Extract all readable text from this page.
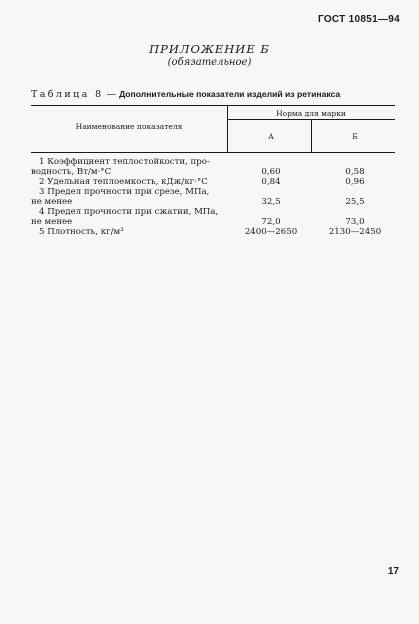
ГОСТ 10851—94
ПРИЛОЖЕНИЕ Б
(обязательное)
Таблица 8 — Дополнительные показатели изделий из ретинакса
Наименование показателя
Норма для марки
А	Б
1 Коэффициент теплостойкости, про-
водность, Вт/м·°С	0,60	0,58
2 Удельная теплоемкость, кДж/кг·°С	0,84	0,96
3 Предел прочности при срезе, МПа,
не менее	32,5	25,5
4 Предел прочности при сжатии, МПа,
не менее	72,0	73,0
5 Плотность, кг/м³	2400—2650	2130—2450
17
